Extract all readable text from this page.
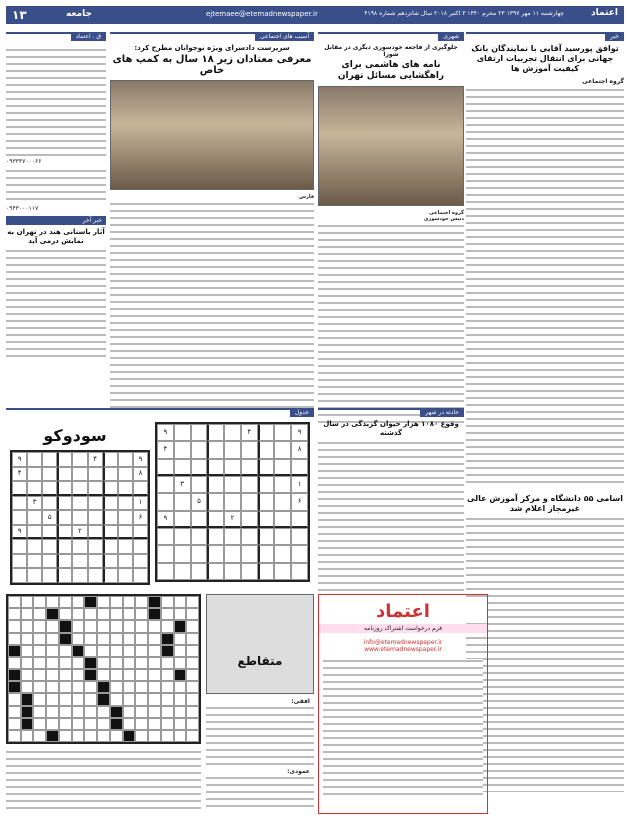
۱۳	جامعه	ejtemaee@etemadnewspaper.ir	چهارشنبه ۱۱ مهر ۱۳۹۷ ۲۳ محرم ۱۴۴۰ ۳ اکتبر ۲۰۱۸ سال شانزدهم شماره ۴۱۹۸	اعتماد
خبر
توافق پورسید آقایی با نمایندگان بانک جهانی برای انتقال تجربیات ارتقای کیفیت آموزش ها
گروه اجتماعی
اسامی ۵۵ دانشگاه و مرکز آموزش عالی غیرمجاز اعلام شد
شهری
جلوگیری از فاجعه خودسوزی دیگری در مقابل شورا
نامه های هاشمی برای راهگشایی مسائل تهران
گروه اجتماعی
دنیس خودسوزی
آسیب های اجتماعی
سرپرست دادسرای ویژه نوجوانان مطرح کرد:
معرفی معتادان زیر ۱۸ سال به کمپ های خاص
فارس
ق . اعتماد
۰۹۳۳۳۷۰۰۰۶۶
۰۹۴۳۰۰۰۱۱۷
خبر آخر
آثار باستانی هند در تهران به نمایش درمی آید
حادثه در شهر
وقوع ۱۰۸۰ هزار حیوان گزیدگی در سال گذشته
جدول
سودوکو
۹
۴
۹
۸
۴
۱
۳
۶
۵
۲
۹
۹
۴
۹
۸
۴
۱
۳
۶
۵
۲
۹
متقاطع
افقی:
عمودی:
اعتماد
فرم درخواست اشتراک روزنامه
info@etemadnewspaper.ir
www.etemadnewspaper.ir
